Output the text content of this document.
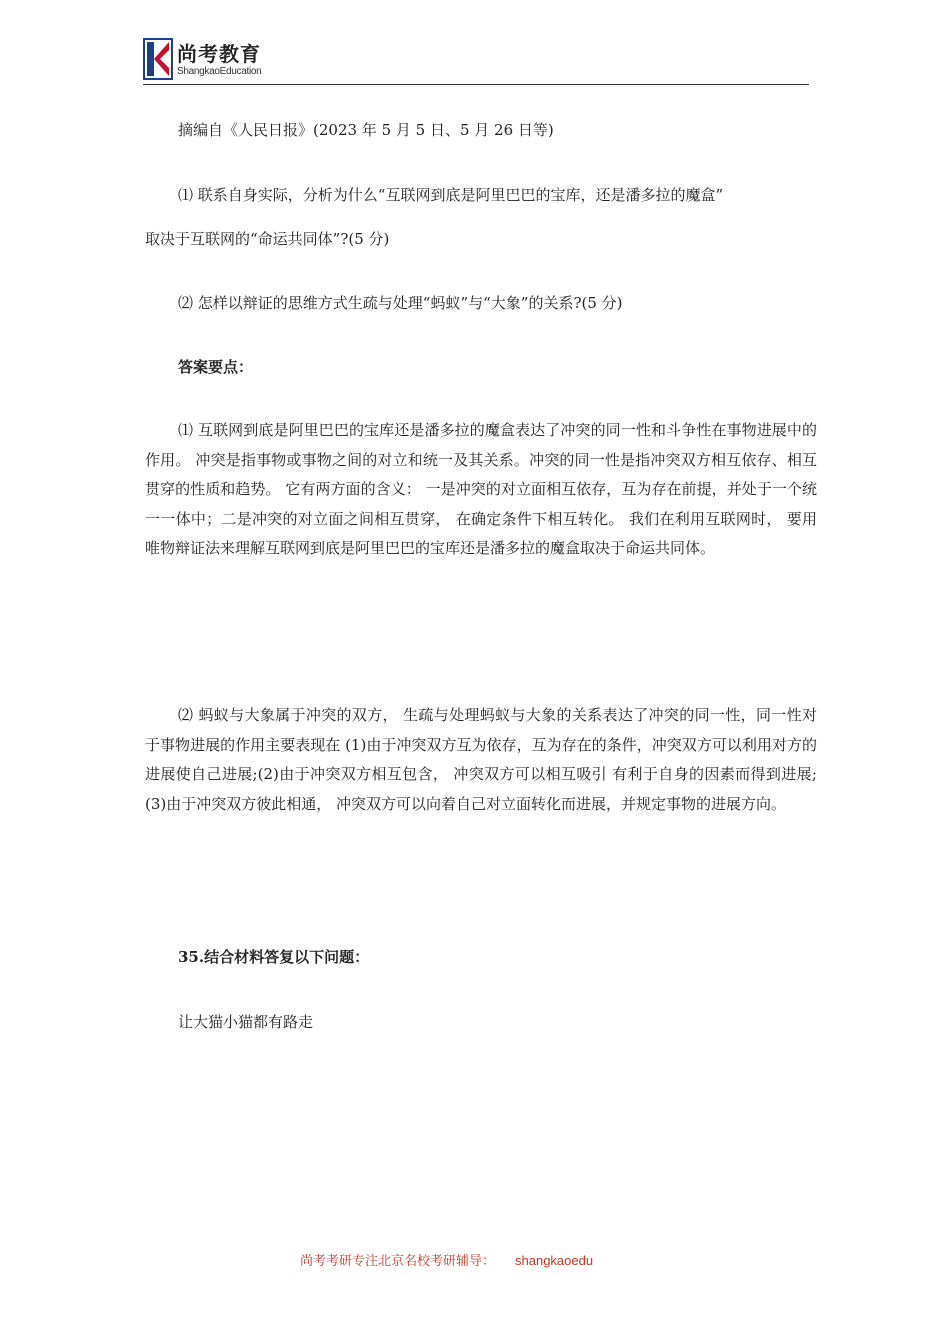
尚考教育
ShangkaoEducation
摘编自《人民日报》(2023 年 5 月 5 日、5 月 26 日等)
⑴ 联系自身实际，分析为什么“互联网到底是阿里巴巴的宝库，还是潘多拉的魔盒”
取决于互联网的“命运共同体”?(5 分)
⑵ 怎样以辩证的思维方式生疏与处理“蚂蚁”与“大象”的关系?(5 分)
答案要点：
⑴ 互联网到底是阿里巴巴的宝库还是潘多拉的魔盒表达了冲突的同一性和斗争性在事物进展中的作用。 冲突是指事物或事物之间的对立和统一及其关系。冲突的同一性是指冲突双方相互依存、相互贯穿的性质和趋势。 它有两方面的含义： 一是冲突的对立面相互依存，互为存在前提，并处于一个统一一体中；二是冲突的对立面之间相互贯穿， 在确定条件下相互转化。 我们在利用互联网时， 要用唯物辩证法来理解互联网到底是阿里巴巴的宝库还是潘多拉的魔盒取决于命运共同体。
⑵ 蚂蚁与大象属于冲突的双方， 生疏与处理蚂蚁与大象的关系表达了冲突的同一性，同一性对于事物进展的作用主要表现在 (1)由于冲突双方互为依存，互为存在的条件，冲突双方可以利用对方的进展使自己进展;(2)由于冲突双方相互包含， 冲突双方可以相互吸引 有利于自身的因素而得到进展; (3)由于冲突双方彼此相通， 冲突双方可以向着自己对立面转化而进展，并规定事物的进展方向。
35.结合材料答复以下问题：
让大猫小猫都有路走
尚考考研专注北京名校考研辅导： shangkaoedu
